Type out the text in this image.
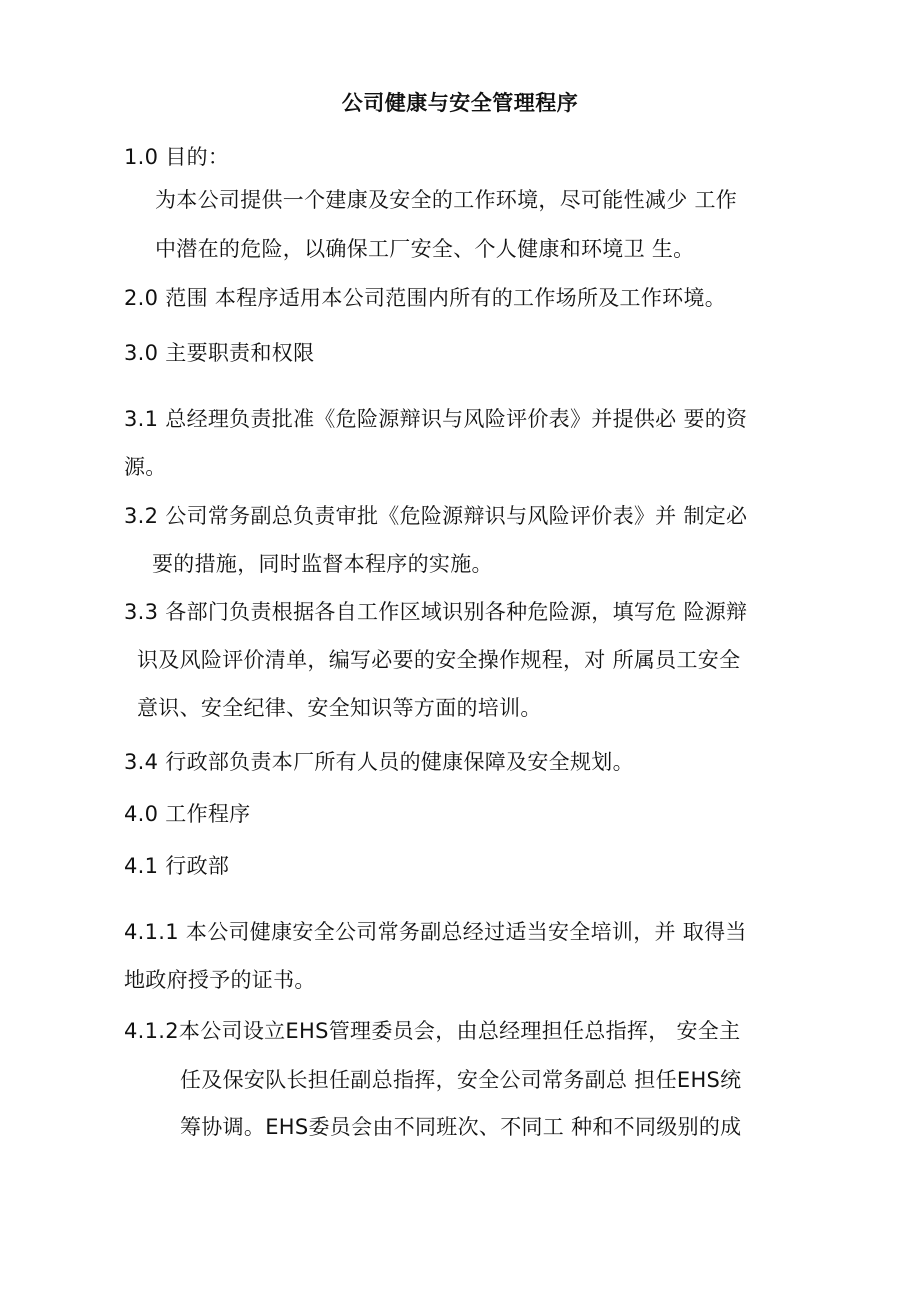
公司健康与安全管理程序
1.0 目的：
为本公司提供一个建康及安全的工作环境，尽可能性减少 工作
中潜在的危险，以确保工厂安全、个人健康和环境卫 生。
2.0 范围 本程序适用本公司范围内所有的工作场所及工作环境。
3.0 主要职责和权限
3.1 总经理负责批准《危险源辩识与风险评价表》并提供必 要的资
源。
3.2 公司常务副总负责审批《危险源辩识与风险评价表》并 制定必
要的措施，同时监督本程序的实施。
3.3 各部门负责根据各自工作区域识别各种危险源，填写危 险源辩
识及风险评价清单，编写必要的安全操作规程，对 所属员工安全
意识、安全纪律、安全知识等方面的培训。
3.4 行政部负责本厂所有人员的健康保障及安全规划。
4.0 工作程序
4.1 行政部
4.1.1 本公司健康安全公司常务副总经过适当安全培训，并 取得当
地政府授予的证书。
4.1.2本公司设立EHS管理委员会，由总经理担任总指挥， 安全主
任及保安队长担任副总指挥，安全公司常务副总 担任EHS统
筹协调。EHS委员会由不同班次、不同工 种和不同级别的成
